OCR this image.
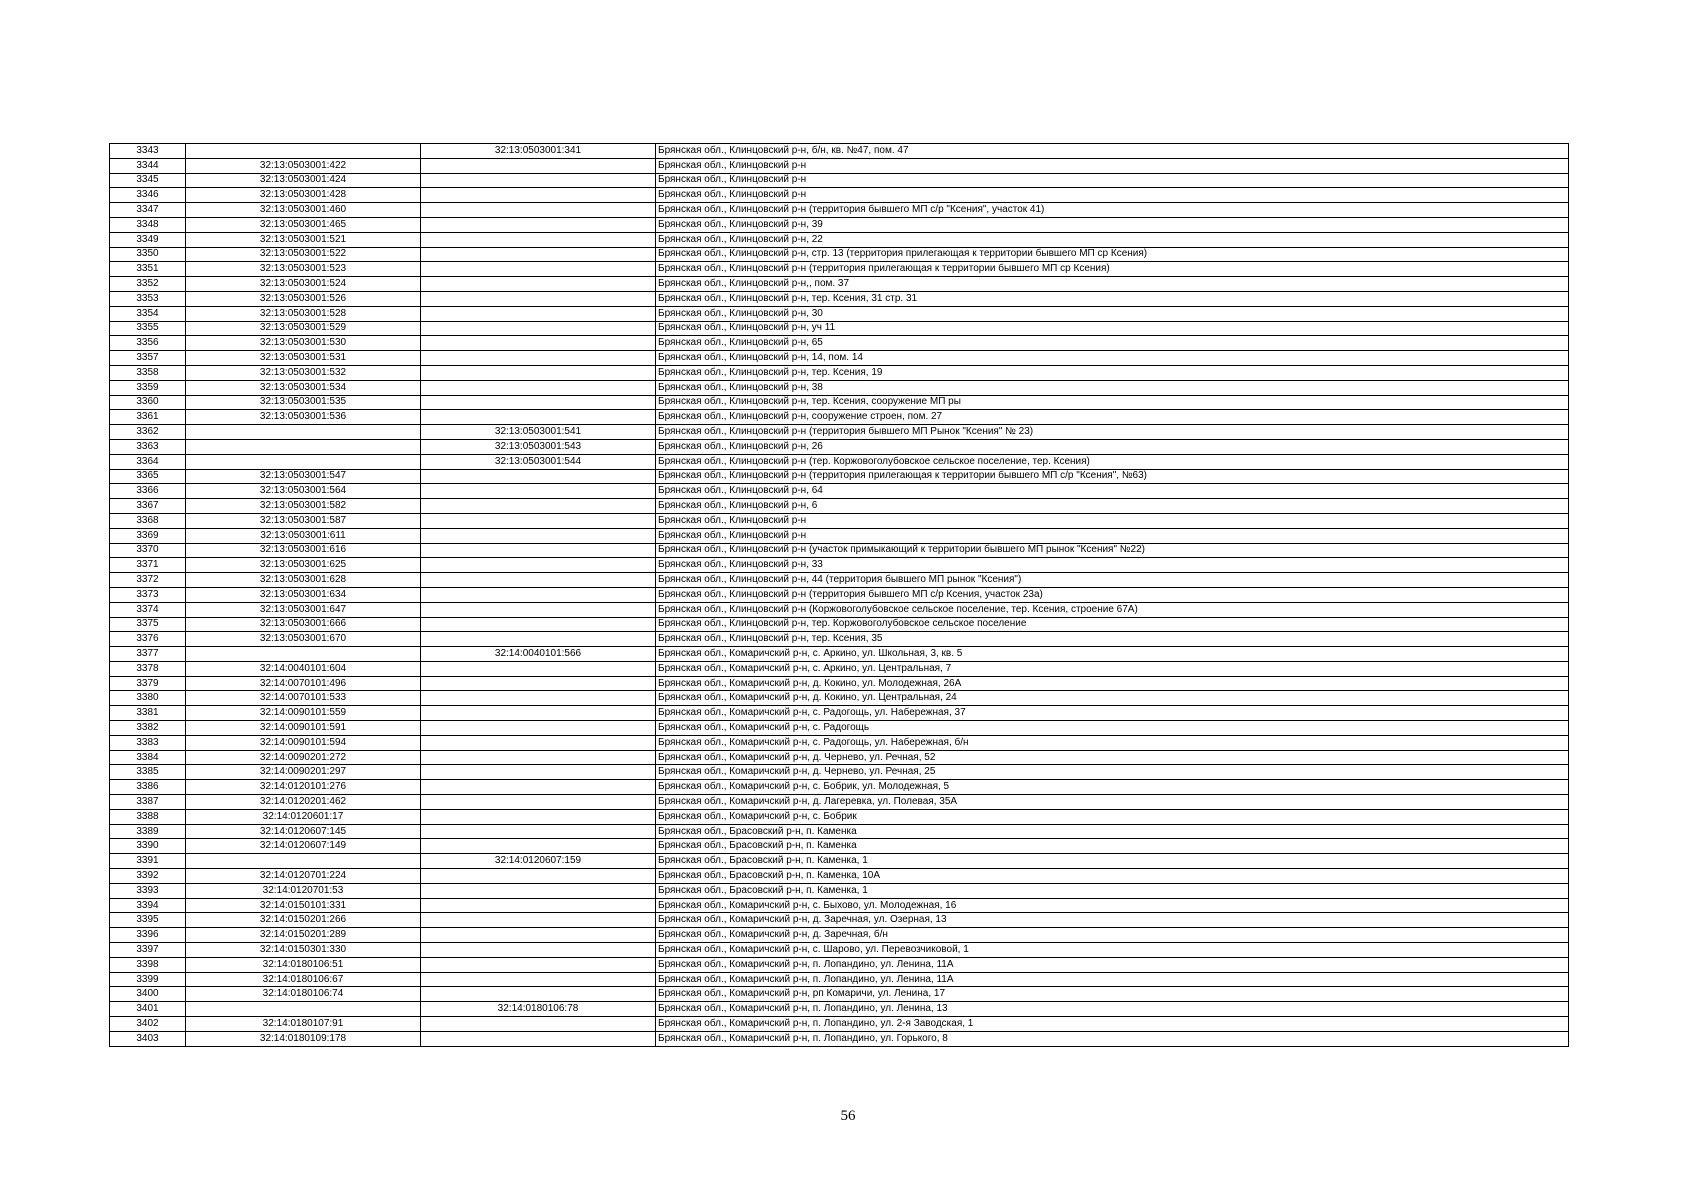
3343		32:13:0503001:341	Брянская обл., Клинцовский р-н, б/н, кв. №47, пом. 47
3344	32:13:0503001:422		Брянская обл., Клинцовский р-н
3345	32:13:0503001:424		Брянская обл., Клинцовский р-н
3346	32:13:0503001:428		Брянская обл., Клинцовский р-н
3347	32:13:0503001:460		Брянская обл., Клинцовский р-н (территория бывшего МП с/р "Ксения", участок 41)
3348	32:13:0503001:465		Брянская обл., Клинцовский р-н, 39
3349	32:13:0503001:521		Брянская обл., Клинцовский р-н, 22
3350	32:13:0503001:522		Брянская обл., Клинцовский р-н, стр. 13 (территория прилегающая к территории бывшего МП ср Ксения)
3351	32:13:0503001:523		Брянская обл., Клинцовский р-н (территория прилегающая к территории бывшего МП ср Ксения)
3352	32:13:0503001:524		Брянская обл., Клинцовский р-н,, пом. 37
3353	32:13:0503001:526		Брянская обл., Клинцовский р-н, тер. Ксения, 31 стр. 31
3354	32:13:0503001:528		Брянская обл., Клинцовский р-н, 30
3355	32:13:0503001:529		Брянская обл., Клинцовский р-н, уч 11
3356	32:13:0503001:530		Брянская обл., Клинцовский р-н, 65
3357	32:13:0503001:531		Брянская обл., Клинцовский р-н, 14, пом. 14
3358	32:13:0503001:532		Брянская обл., Клинцовский р-н, тер. Ксения, 19
3359	32:13:0503001:534		Брянская обл., Клинцовский р-н, 38
3360	32:13:0503001:535		Брянская обл., Клинцовский р-н, тер. Ксения, сооружение МП ры
3361	32:13:0503001:536		Брянская обл., Клинцовский р-н, сооружение строен, пом. 27
3362		32:13:0503001:541	Брянская обл., Клинцовский р-н (территория бывшего МП Рынок "Ксения" № 23)
3363		32:13:0503001:543	Брянская обл., Клинцовский р-н, 26
3364		32:13:0503001:544	Брянская обл., Клинцовский р-н (тер. Коржовоголубовское сельское поселение, тер. Ксения)
3365	32:13:0503001:547		Брянская обл., Клинцовский р-н (территория прилегающая к территории бывшего МП с/р "Ксения", №63)
3366	32:13:0503001:564		Брянская обл., Клинцовский р-н, 64
3367	32:13:0503001:582		Брянская обл., Клинцовский р-н, 6
3368	32:13:0503001:587		Брянская обл., Клинцовский р-н
3369	32:13:0503001:611		Брянская обл., Клинцовский р-н
3370	32:13:0503001:616		Брянская обл., Клинцовский р-н (участок примыкающий к территории бывшего МП рынок "Ксения" №22)
3371	32:13:0503001:625		Брянская обл., Клинцовский р-н, 33
3372	32:13:0503001:628		Брянская обл., Клинцовский р-н, 44 (территория бывшего МП рынок "Ксения")
3373	32:13:0503001:634		Брянская обл., Клинцовский р-н (территория бывшего МП с/р Ксения, участок 23а)
3374	32:13:0503001:647		Брянская обл., Клинцовский р-н (Коржовоголубовское сельское поселение, тер. Ксения, строение 67А)
3375	32:13:0503001:666		Брянская обл., Клинцовский р-н, тер. Коржовоголубовское сельское поселение
3376	32:13:0503001:670		Брянская обл., Клинцовский р-н, тер. Ксения, 35
3377		32:14:0040101:566	Брянская обл., Комаричский р-н, с. Аркино, ул. Школьная, 3, кв. 5
3378	32:14:0040101:604		Брянская обл., Комаричский р-н, с. Аркино, ул. Центральная, 7
3379	32:14:0070101:496		Брянская обл., Комаричский р-н, д. Кокино, ул. Молодежная, 26А
3380	32:14:0070101:533		Брянская обл., Комаричский р-н, д. Кокино, ул. Центральная, 24
3381	32:14:0090101:559		Брянская обл., Комаричский р-н, с. Радогощь, ул. Набережная, 37
3382	32:14:0090101:591		Брянская обл., Комаричский р-н, с. Радогощь
3383	32:14:0090101:594		Брянская обл., Комаричский р-н, с. Радогощь, ул. Набережная, б/н
3384	32:14:0090201:272		Брянская обл., Комаричский р-н, д. Чернево, ул. Речная, 52
3385	32:14:0090201:297		Брянская обл., Комаричский р-н, д. Чернево, ул. Речная, 25
3386	32:14:0120101:276		Брянская обл., Комаричский р-н, с. Бобрик, ул. Молодежная, 5
3387	32:14:0120201:462		Брянская обл., Комаричский р-н, д. Лагеревка, ул. Полевая, 35А
3388	32:14:0120601:17		Брянская обл., Комаричский р-н, с. Бобрик
3389	32:14:0120607:145		Брянская обл., Брасовский р-н, п. Каменка
3390	32:14:0120607:149		Брянская обл., Брасовский р-н, п. Каменка
3391		32:14:0120607:159	Брянская обл., Брасовский р-н, п. Каменка, 1
3392	32:14:0120701:224		Брянская обл., Брасовский р-н, п. Каменка, 10А
3393	32:14:0120701:53		Брянская обл., Брасовский р-н, п. Каменка, 1
3394	32:14:0150101:331		Брянская обл., Комаричский р-н, с. Быхово, ул. Молодежная, 16
3395	32:14:0150201:266		Брянская обл., Комаричский р-н, д. Заречная, ул. Озерная, 13
3396	32:14:0150201:289		Брянская обл., Комаричский р-н, д. Заречная, б/н
3397	32:14:0150301:330		Брянская обл., Комаричский р-н, с. Шарово, ул. Перевозчиковой, 1
3398	32:14:0180106:51		Брянская обл., Комаричский р-н, п. Лопандино, ул. Ленина, 11А
3399	32:14:0180106:67		Брянская обл., Комаричский р-н, п. Лопандино, ул. Ленина, 11А
3400	32:14:0180106:74		Брянская обл., Комаричский р-н, рп Комаричи, ул. Ленина, 17
3401		32:14:0180106:78	Брянская обл., Комаричский р-н, п. Лопандино, ул. Ленина, 13
3402	32:14:0180107:91		Брянская обл., Комаричский р-н, п. Лопандино, ул. 2-я Заводская, 1
3403	32:14:0180109:178		Брянская обл., Комаричский р-н, п. Лопандино, ул. Горького, 8
56
